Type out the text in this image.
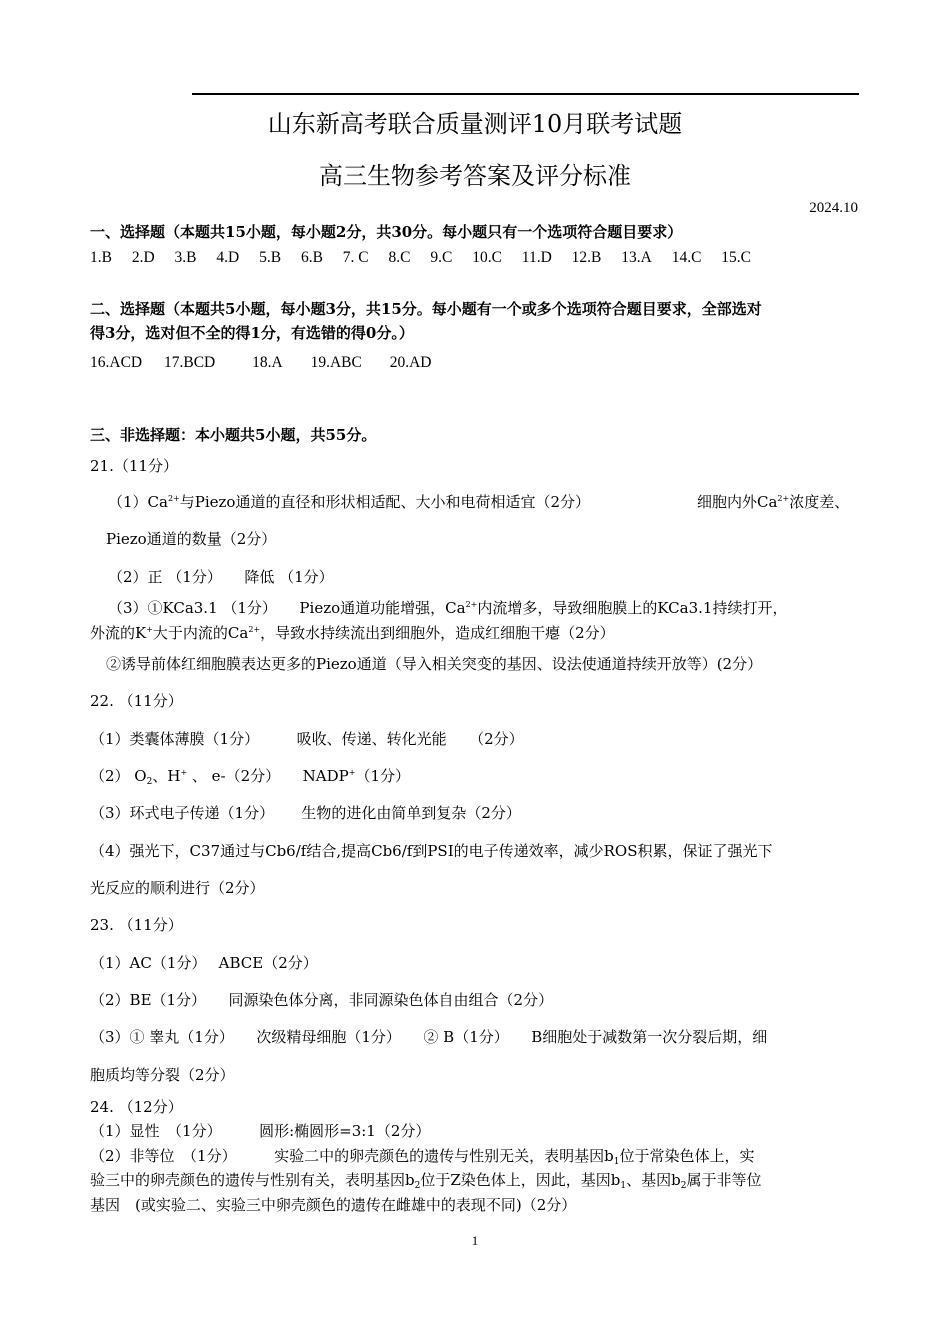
山东新高考联合质量测评10月联考试题
高三生物参考答案及评分标准
2024.10
一、选择题（本题共15小题，每小题2分，共30分。每小题只有一个选项符合题目要求）
1.B 2.D 3.B 4.D 5.B 6.B 7. C 8.C 9.C 10.C 11.D 12.B 13.A 14.C 15.C
二、选择题（本题共5小题，每小题3分，共15分。每小题有一个或多个选项符合题目要求，全部选对
得3分，选对但不全的得1分，有选错的得0分。）
16.ACD 17.BCD 18.A 19.ABC 20.AD
三、非选择题：本小题共5小题，共55分。
21.（11分）
$(1)Ca^{2+}$与Piezo通道的直径和形状相适配、大小和电荷相适宜（2分）	细胞内外$Ca^{2+}$浓度差、
Piezo通道的数量（2分）
（2）正 （1分）　　降低 （1分）
（3）①KCa3.1 （1分）　　Piezo通道功能增强，$Ca^{2+}$内流增多，导致细胞膜上的KCa3.1持续打开，
外流的K+大于内流的$Ca^{2+}$，导致水持续流出到细胞外，造成红细胞干瘪（2分）
②诱导前体红细胞膜表达更多的Piezo通道（导入相关突变的基因、设法使通道持续开放等）(2分）
22. （11分）
（1）类囊体薄膜（1分）　　　吸收、传递、转化光能　　（2分）
（2） $O_2$、H+ 、 e-（2分）　　NADP+（1分）
（3）环式电子传递（1分）　　 生物的进化由简单到复杂（2分）
（4）强光下，C37通过与Cb6/f结合,提高Cb6/f到PSⅠ的电子传递效率，减少ROS积累，保证了强光下
光反应的顺利进行（2分）
23. （11分）
（1）AC（1分）　 ABCE（2分）
（2）BE（1分）　　同源染色体分离，非同源染色体自由组合（2分）
（3）① 睾丸（1分）　　次级精母细胞（1分）　　② B（1分）　　B细胞处于减数第一次分裂后期，细
胞质均等分裂（2分）
24. （12分）
（1）显性　（1分）　　　圆形:椭圆形=3:1（2分）
（2）非等位　（1分）　　　实验二中的卵壳颜色的遗传与性别无关，表明基因$b_1$位于常染色体上，实
验三中的卵壳颜色的遗传与性别有关，表明基因$b_2$位于Z染色体上，因此，基因$b_1$、基因$b_2$属于非等位
基因　(或实验二、实验三中卵壳颜色的遗传在雌雄中的表现不同)（2分）
1
